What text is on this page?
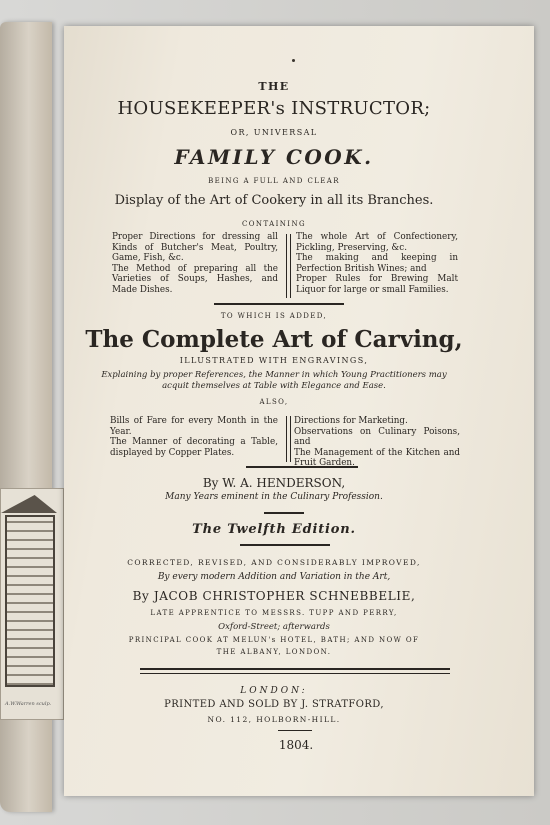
A.W.Warren sculp.
THE
HOUSEKEEPER's INSTRUCTOR;
OR, UNIVERSAL
FAMILY COOK.
BEING A FULL AND CLEAR
Display of the Art of Cookery in all its Branches.
CONTAINING
Proper Directions for dressing all Kinds of Butcher's Meat, Poultry, Game, Fish, &c.
The Method of preparing all the Varieties of Soups, Hashes, and Made Dishes.
The whole Art of Confectionery, Pickling, Preserving, &c.
The making and keeping in Perfection British Wines; and
Proper Rules for Brewing Malt Liquor for large or small Families.
TO WHICH IS ADDED,
The Complete Art of Carving,
ILLUSTRATED WITH ENGRAVINGS,
Explaining by proper References, the Manner in which Young Practitioners may
acquit themselves at Table with Elegance and Ease.
ALSO,
Bills of Fare for every Month in the Year.
The Manner of decorating a Table, displayed by Copper Plates.
Directions for Marketing.
Observations on Culinary Poisons, and
The Management of the Kitchen and Fruit Garden.
By W. A. HENDERSON,
Many Years eminent in the Culinary Profession.
The Twelfth Edition.
CORRECTED, REVISED, AND CONSIDERABLY IMPROVED,
By every modern Addition and Variation in the Art,
By JACOB CHRISTOPHER SCHNEBBELIE,
LATE APPRENTICE TO MESSRS. TUPP AND PERRY,
Oxford-Street; afterwards
PRINCIPAL COOK AT MELUN's HOTEL, BATH; AND NOW OF
THE ALBANY, LONDON.
LONDON:
PRINTED AND SOLD BY J. STRATFORD,
NO. 112, HOLBORN-HILL.
1804.
